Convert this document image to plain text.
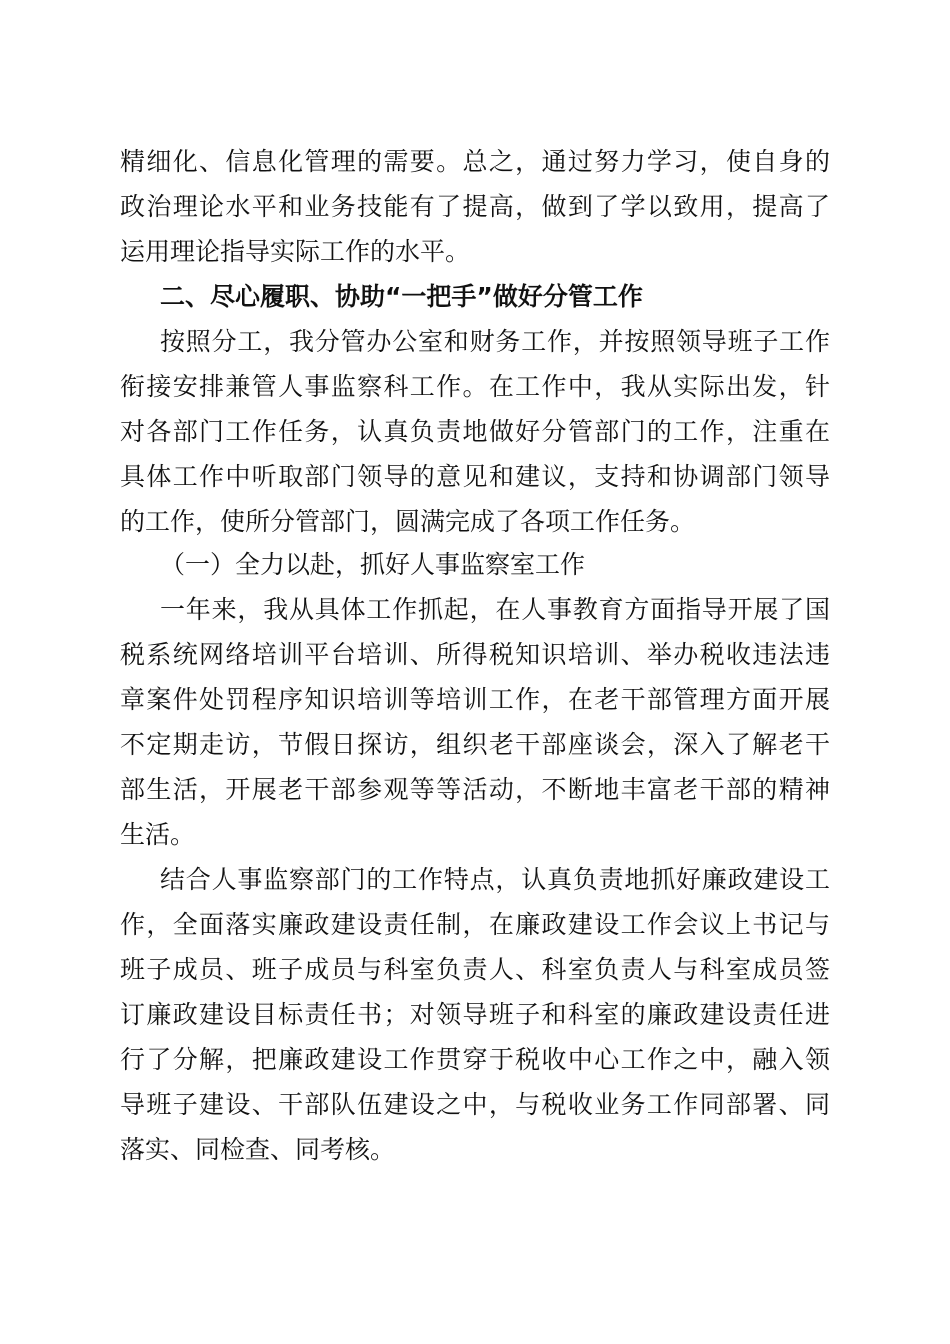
精细化、信息化管理的需要。总之，通过努力学习，使自身的
政治理论水平和业务技能有了提高，做到了学以致用，提高了
运用理论指导实际工作的水平。
二、尽心履职、协助“一把手”做好分管工作
按照分工，我分管办公室和财务工作，并按照领导班子工作
衔接安排兼管人事监察科工作。在工作中，我从实际出发，针
对各部门工作任务，认真负责地做好分管部门的工作，注重在
具体工作中听取部门领导的意见和建议，支持和协调部门领导
的工作，使所分管部门，圆满完成了各项工作任务。
（一）全力以赴，抓好人事监察室工作
一年来，我从具体工作抓起，在人事教育方面指导开展了国
税系统网络培训平台培训、所得税知识培训、举办税收违法违
章案件处罚程序知识培训等培训工作，在老干部管理方面开展
不定期走访，节假日探访，组织老干部座谈会，深入了解老干
部生活，开展老干部参观等等活动，不断地丰富老干部的精神
生活。
结合人事监察部门的工作特点，认真负责地抓好廉政建设工
作，全面落实廉政建设责任制，在廉政建设工作会议上书记与
班子成员、班子成员与科室负责人、科室负责人与科室成员签
订廉政建设目标责任书；对领导班子和科室的廉政建设责任进
行了分解，把廉政建设工作贯穿于税收中心工作之中，融入领
导班子建设、干部队伍建设之中，与税收业务工作同部署、同
落实、同检查、同考核。
